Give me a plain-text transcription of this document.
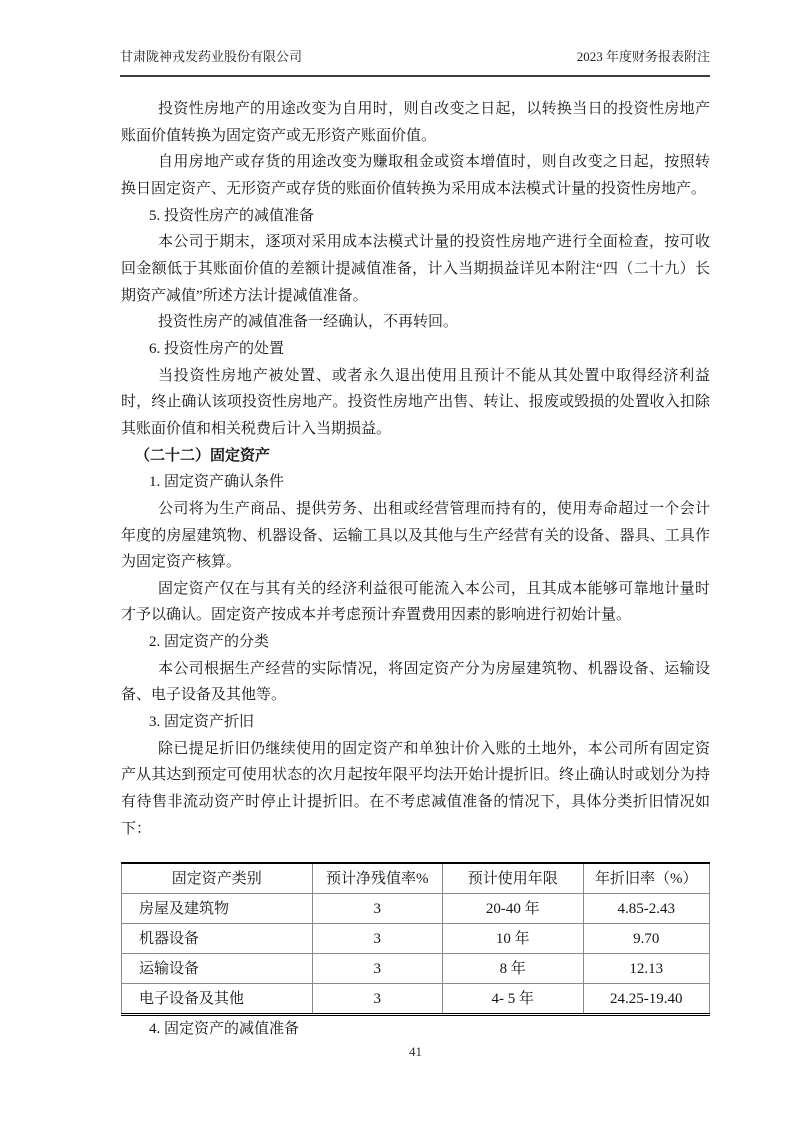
甘肃陇神戎发药业股份有限公司	2023 年度财务报表附注

投资性房地产的用途改变为自用时，则自改变之日起，以转换当日的投资性房地产账面价值转换为固定资产或无形资产账面价值。

自用房地产或存货的用途改变为赚取租金或资本增值时，则自改变之日起，按照转换日固定资产、无形资产或存货的账面价值转换为采用成本法模式计量的投资性房地产。

5. 投资性房产的减值准备

本公司于期末，逐项对采用成本法模式计量的投资性房地产进行全面检查，按可收回金额低于其账面价值的差额计提减值准备，计入当期损益详见本附注“四（二十九）长期资产减值”所述方法计提减值准备。

投资性房产的减值准备一经确认，不再转回。

6. 投资性房产的处置

当投资性房地产被处置、或者永久退出使用且预计不能从其处置中取得经济利益时，终止确认该项投资性房地产。投资性房地产出售、转让、报废或毁损的处置收入扣除其账面价值和相关税费后计入当期损益。

（二十二）固定资产

1. 固定资产确认条件

公司将为生产商品、提供劳务、出租或经营管理而持有的，使用寿命超过一个会计年度的房屋建筑物、机器设备、运输工具以及其他与生产经营有关的设备、器具、工具作为固定资产核算。

固定资产仅在与其有关的经济利益很可能流入本公司，且其成本能够可靠地计量时才予以确认。固定资产按成本并考虑预计弃置费用因素的影响进行初始计量。

2. 固定资产的分类

本公司根据生产经营的实际情况，将固定资产分为房屋建筑物、机器设备、运输设备、电子设备及其他等。

3. 固定资产折旧

除已提足折旧仍继续使用的固定资产和单独计价入账的土地外，本公司所有固定资产从其达到预定可使用状态的次月起按年限平均法开始计提折旧。终止确认时或划分为持有待售非流动资产时停止计提折旧。在不考虑减值准备的情况下，具体分类折旧情况如下：

固定资产类别	预计净残值率%	预计使用年限	年折旧率（%）
房屋及建筑物	3	20-40 年	4.85-2.43
机器设备	3	10 年	9.70
运输设备	3	8 年	12.13
电子设备及其他	3	4- 5 年	24.25-19.40

4. 固定资产的减值准备

41
